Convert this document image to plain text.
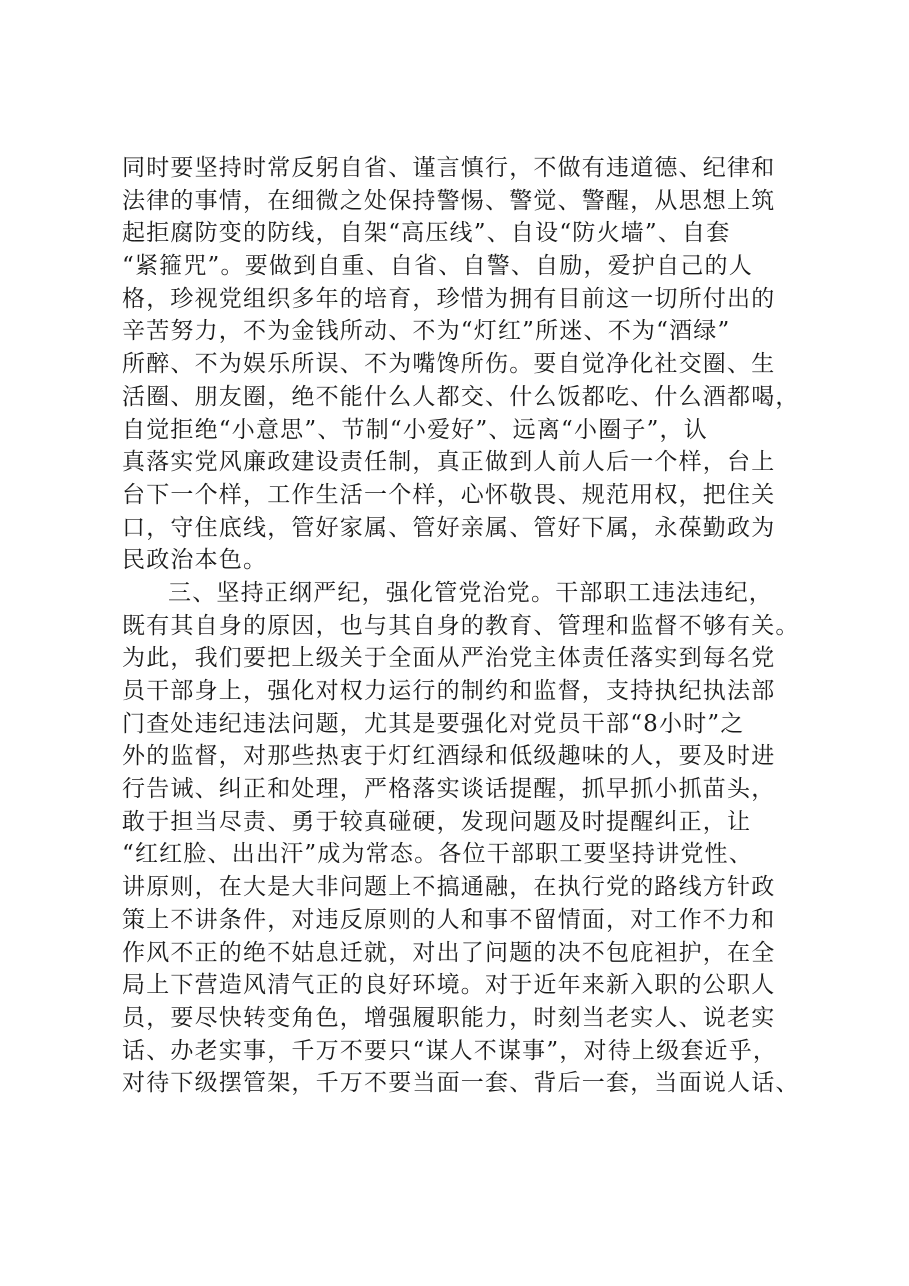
同时要坚持时常反躬自省、谨言慎行，不做有违道德、纪律和
法律的事情，在细微之处保持警惕、警觉、警醒，从思想上筑
起拒腐防变的防线，自架“高压线”、自设“防火墙”、自套
“紧箍咒”。要做到自重、自省、自警、自励，爱护自己的人
格，珍视党组织多年的培育，珍惜为拥有目前这一切所付出的
辛苦努力，不为金钱所动、不为“灯红”所迷、不为“酒绿”
所醉、不为娱乐所误、不为嘴馋所伤。要自觉净化社交圈、生
活圈、朋友圈，绝不能什么人都交、什么饭都吃、什么酒都喝，
自觉拒绝“小意思”、节制“小爱好”、远离“小圈子”，认
真落实党风廉政建设责任制，真正做到人前人后一个样，台上
台下一个样，工作生活一个样，心怀敬畏、规范用权，把住关
口，守住底线，管好家属、管好亲属、管好下属，永葆勤政为
民政治本色。
三、坚持正纲严纪，强化管党治党。干部职工违法违纪，
既有其自身的原因，也与其自身的教育、管理和监督不够有关。
为此，我们要把上级关于全面从严治党主体责任落实到每名党
员干部身上，强化对权力运行的制约和监督，支持执纪执法部
门查处违纪违法问题，尤其是要强化对党员干部“8小时”之
外的监督，对那些热衷于灯红酒绿和低级趣味的人，要及时进
行告诫、纠正和处理，严格落实谈话提醒，抓早抓小抓苗头，
敢于担当尽责、勇于较真碰硬，发现问题及时提醒纠正，让
“红红脸、出出汗”成为常态。各位干部职工要坚持讲党性、
讲原则，在大是大非问题上不搞通融，在执行党的路线方针政
策上不讲条件，对违反原则的人和事不留情面，对工作不力和
作风不正的绝不姑息迁就，对出了问题的决不包庇袒护，在全
局上下营造风清气正的良好环境。对于近年来新入职的公职人
员，要尽快转变角色，增强履职能力，时刻当老实人、说老实
话、办老实事，千万不要只“谋人不谋事”，对待上级套近乎，
对待下级摆管架，千万不要当面一套、背后一套，当面说人话、
